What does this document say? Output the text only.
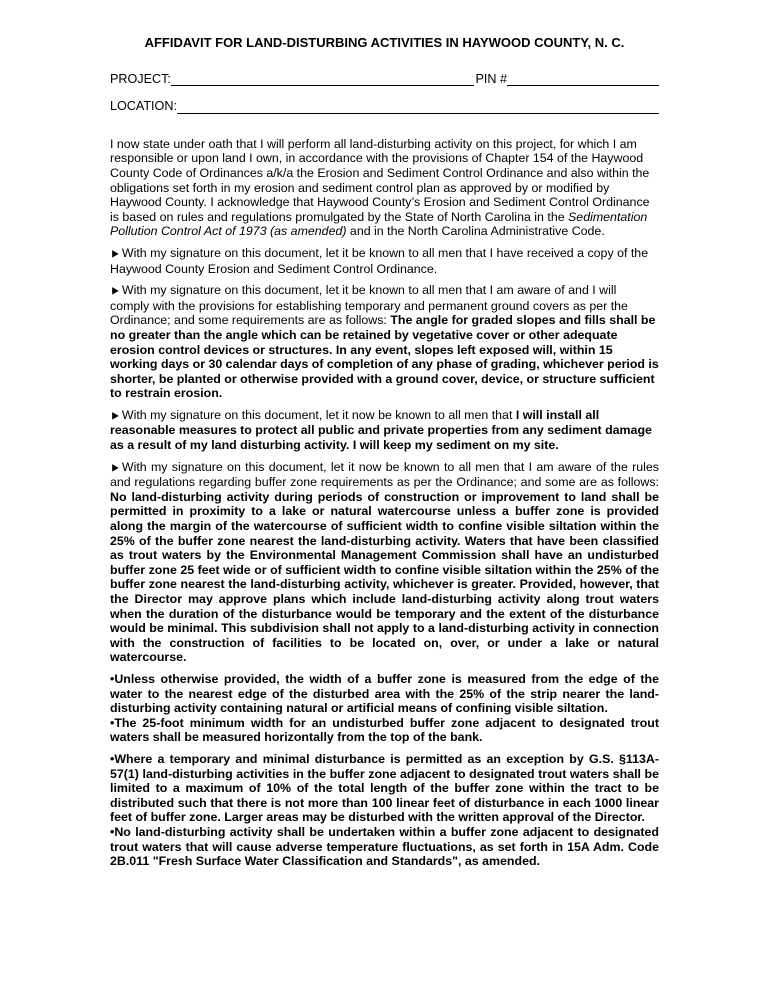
AFFIDAVIT FOR LAND-DISTURBING ACTIVITIES IN HAYWOOD COUNTY, N. C.
PROJECT:	PIN #
LOCATION:

I now state under oath that I will perform all land-disturbing activity on this project, for which I am responsible or upon land I own, in accordance with the provisions of Chapter 154 of the Haywood County Code of Ordinances a/k/a the Erosion and Sediment Control Ordinance and also within the obligations set forth in my erosion and sediment control plan as approved by or modified by Haywood County. I acknowledge that Haywood County’s Erosion and Sediment Control Ordinance is based on rules and regulations promulgated by the State of North Carolina in the Sedimentation Pollution Control Act of 1973 (as amended) and in the North Carolina Administrative Code.

►With my signature on this document, let it be known to all men that I have received a copy of the Haywood County Erosion and Sediment Control Ordinance.

►With my signature on this document, let it be known to all men that I am aware of and I will comply with the provisions for establishing temporary and permanent ground covers as per the Ordinance; and some requirements are as follows: The angle for graded slopes and fills shall be no greater than the angle which can be retained by vegetative cover or other adequate erosion control devices or structures. In any event, slopes left exposed will, within 15 working days or 30 calendar days of completion of any phase of grading, whichever period is shorter, be planted or otherwise provided with a ground cover, device, or structure sufficient to restrain erosion.

►With my signature on this document, let it now be known to all men that I will install all reasonable measures to protect all public and private properties from any sediment damage as a result of my land disturbing activity. I will keep my sediment on my site.

►With my signature on this document, let it now be known to all men that I am aware of the rules and regulations regarding buffer zone requirements as per the Ordinance; and some are as follows: No land-disturbing activity during periods of construction or improvement to land shall be permitted in proximity to a lake or natural watercourse unless a buffer zone is provided along the margin of the watercourse of sufficient width to confine visible siltation within the 25% of the buffer zone nearest the land-disturbing activity. Waters that have been classified as trout waters by the Environmental Management Commission shall have an undisturbed buffer zone 25 feet wide or of sufficient width to confine visible siltation within the 25% of the buffer zone nearest the land-disturbing activity, whichever is greater. Provided, however, that the Director may approve plans which include land-disturbing activity along trout waters when the duration of the disturbance would be temporary and the extent of the disturbance would be minimal. This subdivision shall not apply to a land-disturbing activity in connection with the construction of facilities to be located on, over, or under a lake or natural watercourse.

•Unless otherwise provided, the width of a buffer zone is measured from the edge of the water to the nearest edge of the disturbed area with the 25% of the strip nearer the land-disturbing activity containing natural or artificial means of confining visible siltation.

•The 25-foot minimum width for an undisturbed buffer zone adjacent to designated trout waters shall be measured horizontally from the top of the bank.

•Where a temporary and minimal disturbance is permitted as an exception by G.S. §113A-57(1) land-disturbing activities in the buffer zone adjacent to designated trout waters shall be limited to a maximum of 10% of the total length of the buffer zone within the tract to be distributed such that there is not more than 100 linear feet of disturbance in each 1000 linear feet of buffer zone. Larger areas may be disturbed with the written approval of the Director.

•No land-disturbing activity shall be undertaken within a buffer zone adjacent to designated trout waters that will cause adverse temperature fluctuations, as set forth in 15A Adm. Code 2B.011 "Fresh Surface Water Classification and Standards", as amended.
